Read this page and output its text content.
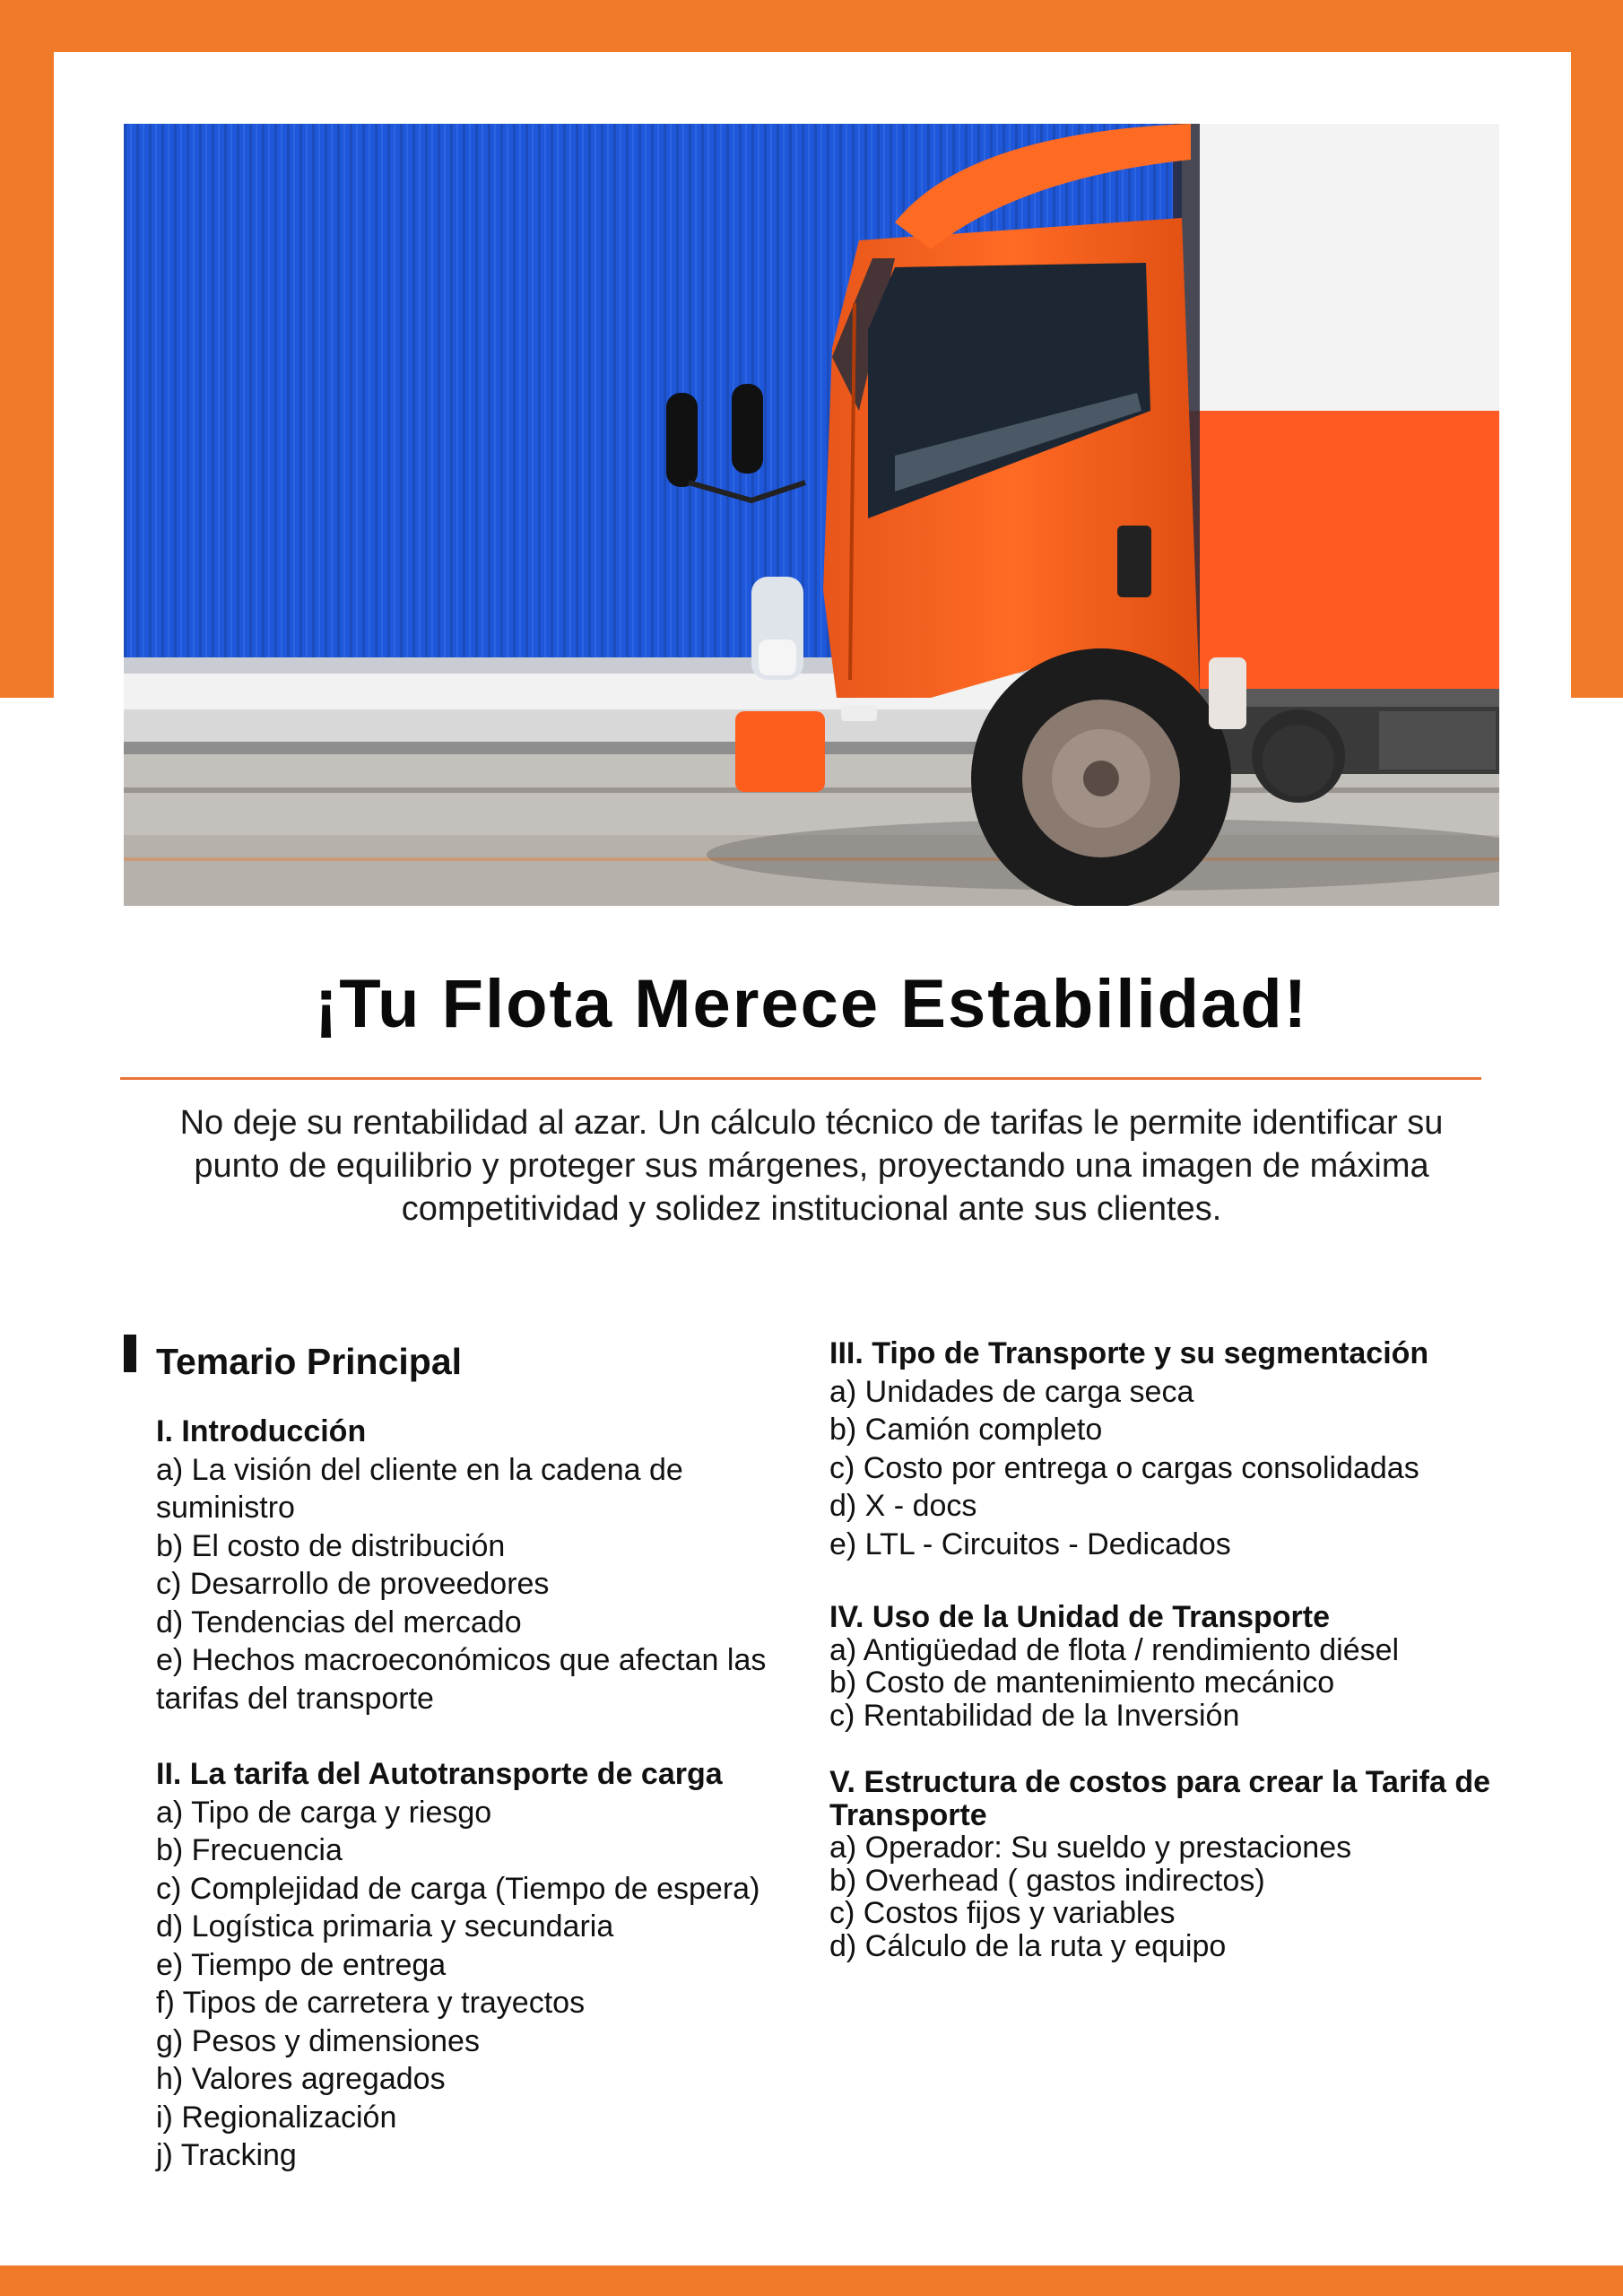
¡Tu Flota Merece Estabilidad!

No deje su rentabilidad al azar. Un cálculo técnico de tarifas le permite identificar su punto de equilibrio y proteger sus márgenes, proyectando una imagen de máxima competitividad y solidez institucional ante sus clientes.

Temario Principal
I. Introducción
a) La visión del cliente en la cadena de suministro
b) El costo de distribución
c) Desarrollo de proveedores
d) Tendencias del mercado
e) Hechos macroeconómicos que afectan las tarifas del transporte
II. La tarifa del Autotransporte de carga
a) Tipo de carga y riesgo
b) Frecuencia
c) Complejidad de carga (Tiempo de espera)
d) Logística primaria y secundaria
e) Tiempo de entrega
f) Tipos de carretera y trayectos
g) Pesos y dimensiones
h) Valores agregados
i) Regionalización
j) Tracking
III. Tipo de Transporte y su segmentación
a) Unidades de carga seca
b) Camión completo
c) Costo por entrega o cargas consolidadas
d) X - docs
e) LTL - Circuitos - Dedicados
IV. Uso de la Unidad de Transporte
a) Antigüedad de flota / rendimiento diésel
b) Costo de mantenimiento mecánico
c) Rentabilidad de la Inversión
V. Estructura de costos para crear la Tarifa de Transporte
a) Operador: Su sueldo y prestaciones
b) Overhead ( gastos indirectos)
c) Costos fijos y variables
d) Cálculo de la ruta y equipo
